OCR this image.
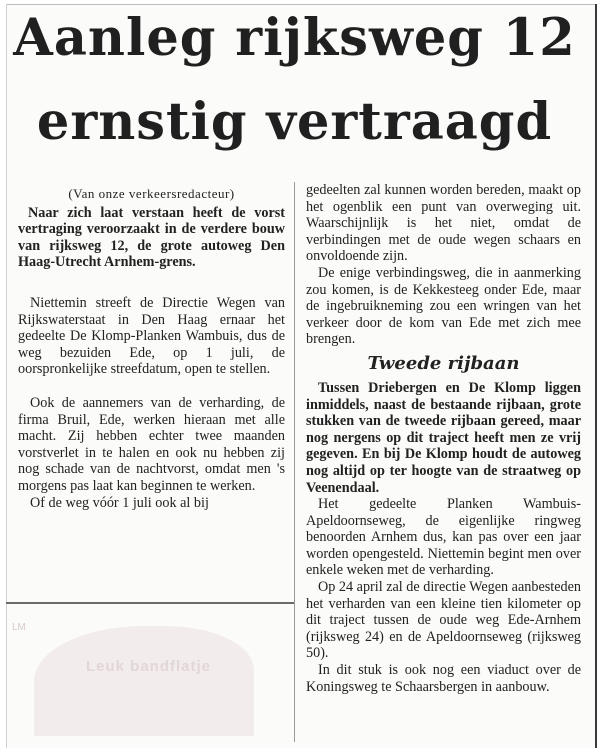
Aanleg rijksweg 12
ernstig vertraagd

(Van onze verkeersredacteur)

Naar zich laat verstaan heeft de vorst vertraging veroorzaakt in de verdere bouw van rijksweg 12, de grote autoweg Den Haag-Utrecht Arnhem-grens.

Niettemin streeft de Directie Wegen van Rijkswaterstaat in Den Haag ernaar het gedeelte De Klomp-Planken Wambuis, dus de weg bezuiden Ede, op 1 juli, de oorspronkelijke streefdatum, open te stellen.

Ook de aannemers van de verharding, de firma Bruil, Ede, werken hieraan met alle macht. Zij hebben echter twee maanden vorstverlet in te halen en ook nu hebben zij nog schade van de nachtvorst, omdat men 's morgens pas laat kan beginnen te werken.

Of de weg vóór 1 juli ook al bij

gedeelten zal kunnen worden bereden, maakt op het ogenblik een punt van overweging uit. Waarschijnlijk is het niet, omdat de verbindingen met de oude wegen schaars en onvoldoende zijn.

De enige verbindingsweg, die in aanmerking zou komen, is de Kekkesteeg onder Ede, maar de ingebruikneming zou een wringen van het verkeer door de kom van Ede met zich mee brengen.

Tweede rijbaan

Tussen Driebergen en De Klomp liggen inmiddels, naast de bestaande rijbaan, grote stukken van de tweede rijbaan gereed, maar nog nergens op dit traject heeft men ze vrij gegeven. En bij De Klomp houdt de autoweg nog altijd op ter hoogte van de straatweg op Veenendaal.

Het gedeelte Planken Wambuis-Apeldoornseweg, de eigenlijke ringweg benoorden Arnhem dus, kan pas over een jaar worden opengesteld. Niettemin begint men over enkele weken met de verharding.

Op 24 april zal de directie Wegen aanbesteden het verharden van een kleine tien kilometer op dit traject tussen de oude weg Ede-Arnhem (rijksweg 24) en de Apeldoornseweg (rijksweg 50).

In dit stuk is ook nog een viaduct over de Koningsweg te Schaarsbergen in aanbouw.

LM
Leuk bandflatje
